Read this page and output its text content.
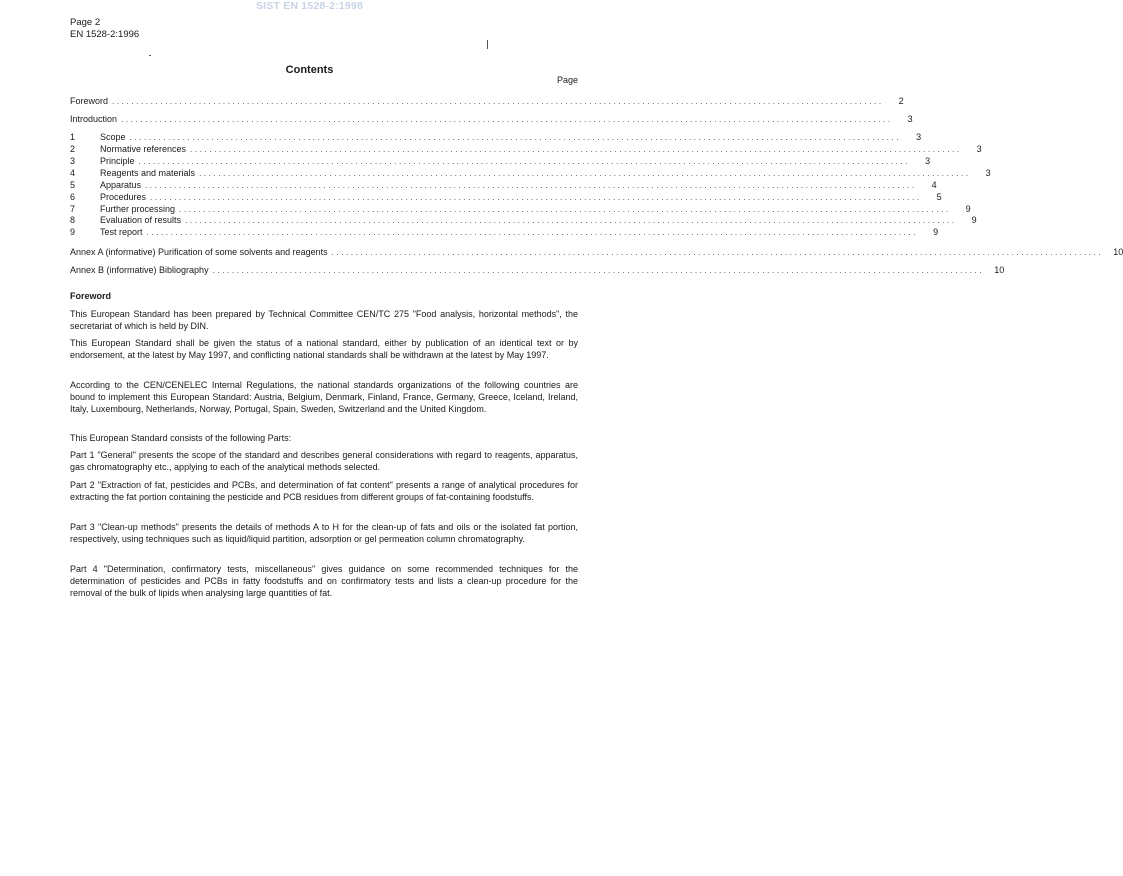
SIST EN 1528-2:1998
Page 2
EN 1528-2:1996
Contents
Page
Foreword ................................................................................................................................................................	2
Introduction ................................................................................................................................................................	3
1	Scope ................................................................................................................................................................	3
2	Normative references ................................................................................................................................................................	3
3	Principle ................................................................................................................................................................	3
4	Reagents and materials ................................................................................................................................................................	3
5	Apparatus ................................................................................................................................................................	4
6	Procedures ................................................................................................................................................................	5
7	Further processing ................................................................................................................................................................	9
8	Evaluation of results ................................................................................................................................................................	9
9	Test report ................................................................................................................................................................	9
Annex A (informative) Purification of some solvents and reagents ................................................................................................................................................................	10
Annex B (informative) Bibliography ................................................................................................................................................................	10
Foreword

This European Standard has been prepared by Technical Committee CEN/TC 275 "Food analysis, horizontal methods", the secretariat of which is held by DIN.

This European Standard shall be given the status of a national standard, either by publication of an identical text or by endorsement, at the latest by May 1997, and conflicting national standards shall be withdrawn at the latest by May 1997.

According to the CEN/CENELEC Internal Regulations, the national standards organizations of the following countries are bound to implement this European Standard: Austria, Belgium, Denmark, Finland, France, Germany, Greece, Iceland, Ireland, Italy, Luxembourg, Netherlands, Norway, Portugal, Spain, Sweden, Switzerland and the United Kingdom.

This European Standard consists of the following Parts:

Part 1 "General" presents the scope of the standard and describes general considerations with regard to reagents, apparatus, gas chromatography etc., applying to each of the analytical methods selected.

Part 2 "Extraction of fat, pesticides and PCBs, and determination of fat content" presents a range of analytical procedures for extracting the fat portion containing the pesticide and PCB residues from different groups of fat-containing foodstuffs.

Part 3 "Clean-up methods" presents the details of methods A to H for the clean-up of fats and oils or the isolated fat portion, respectively, using techniques such as liquid/liquid partition, adsorption or gel permeation column chromatography.

Part 4 "Determination, confirmatory tests, miscellaneous" gives guidance on some recommended techniques for the determination of pesticides and PCBs in fatty foodstuffs and on confirmatory tests and lists a clean-up procedure for the removal of the bulk of lipids when analysing large quantities of fat.
